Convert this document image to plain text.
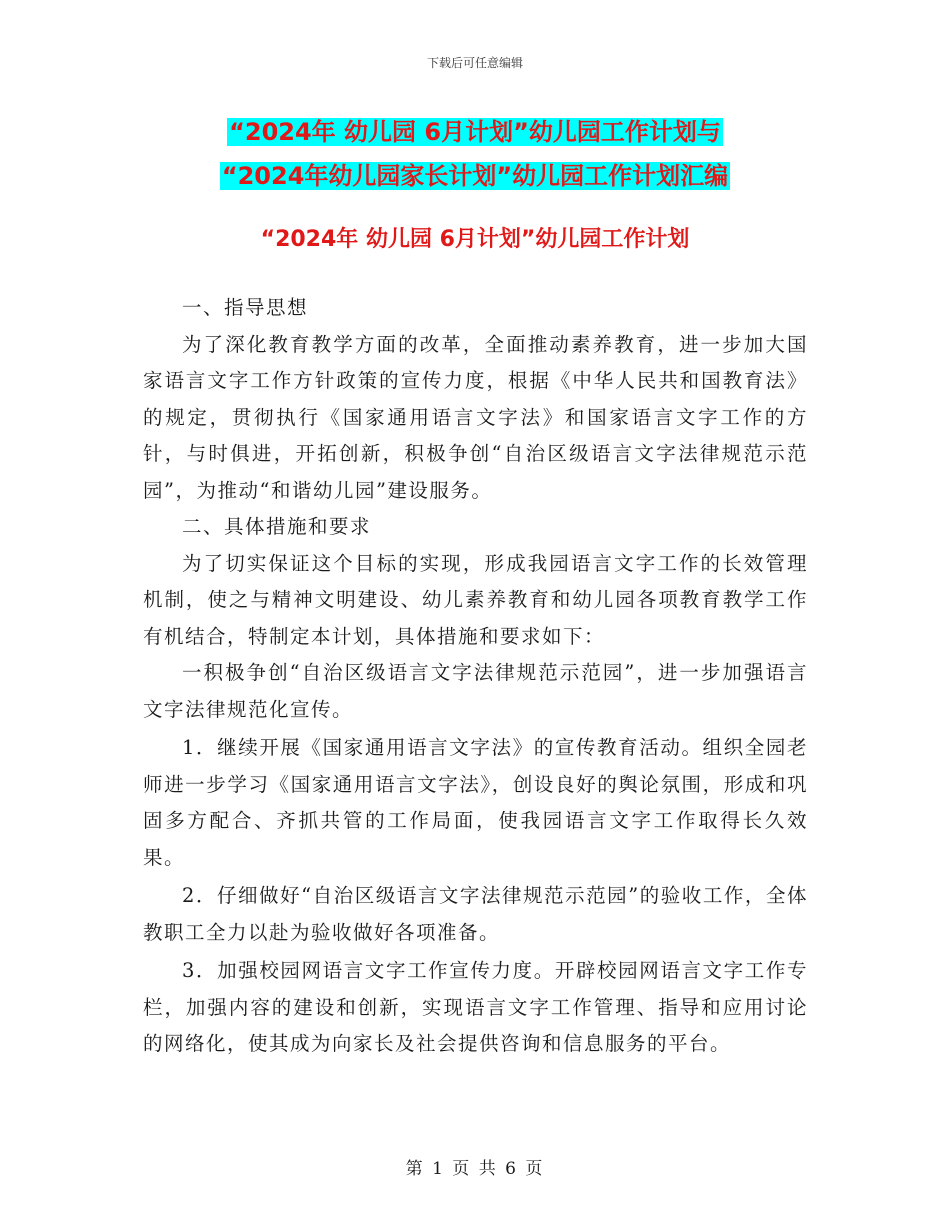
下载后可任意编辑
“2024年 幼儿园 6月计划”幼儿园工作计划与
“2024年幼儿园家长计划”幼儿园工作计划汇编
“2024年 幼儿园 6月计划”幼儿园工作计划

一、指导思想

为了深化教育教学方面的改革，全面推动素养教育，进一步加大国家语言文字工作方针政策的宣传力度，根据《中华人民共和国教育法》的规定，贯彻执行《国家通用语言文字法》和国家语言文字工作的方针，与时俱进，开拓创新，积极争创“自治区级语言文字法律规范示范园”，为推动“和谐幼儿园”建设服务。

二、具体措施和要求

为了切实保证这个目标的实现，形成我园语言文字工作的长效管理机制，使之与精神文明建设、幼儿素养教育和幼儿园各项教育教学工作有机结合，特制定本计划，具体措施和要求如下：

一积极争创“自治区级语言文字法律规范示范园”，进一步加强语言文字法律规范化宣传。

1．继续开展《国家通用语言文字法》的宣传教育活动。组织全园老师进一步学习《国家通用语言文字法》，创设良好的舆论氛围，形成和巩固多方配合、齐抓共管的工作局面，使我园语言文字工作取得长久效果。

2．仔细做好“自治区级语言文字法律规范示范园”的验收工作，全体教职工全力以赴为验收做好各项准备。

3．加强校园网语言文字工作宣传力度。开辟校园网语言文字工作专栏，加强内容的建设和创新，实现语言文字工作管理、指导和应用讨论的网络化，使其成为向家长及社会提供咨询和信息服务的平台。

第 1 页 共 6 页
